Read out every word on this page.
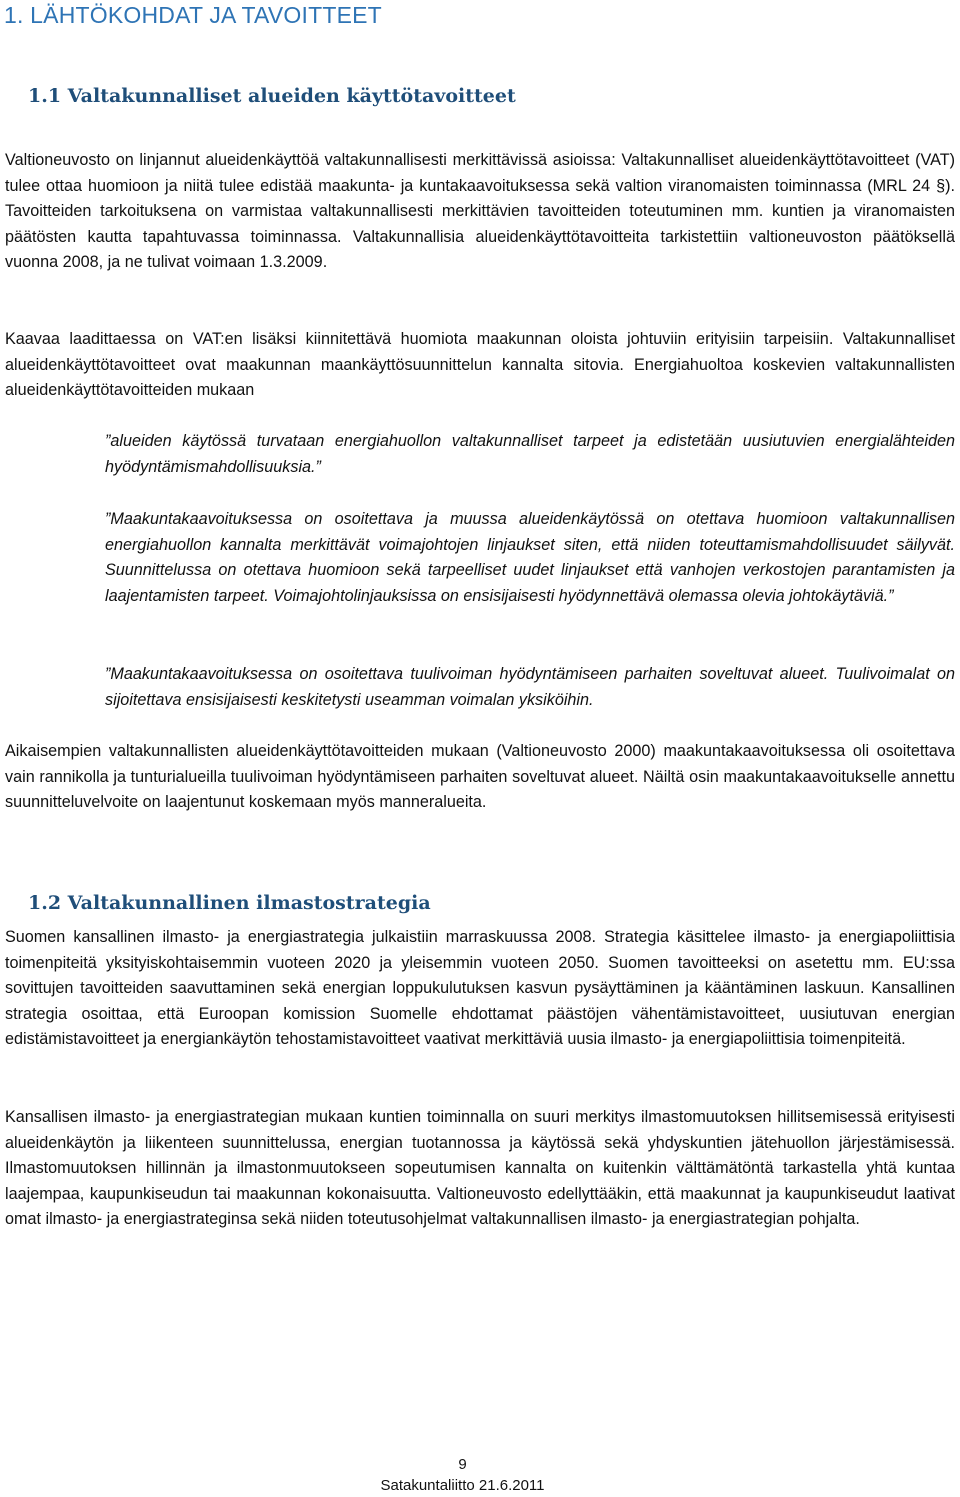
1. LÄHTÖKOHDAT JA TAVOITTEET
1.1 Valtakunnalliset alueiden käyttötavoitteet

Valtioneuvosto on linjannut alueidenkäyttöä valtakunnallisesti merkittävissä asioissa: Valtakunnalliset alueidenkäyttötavoitteet (VAT) tulee ottaa huomioon ja niitä tulee edistää maakunta- ja kuntakaavoituksessa sekä valtion viranomaisten toiminnassa (MRL 24 §). Tavoitteiden tarkoituksena on varmistaa valtakunnallisesti merkittävien tavoitteiden toteutuminen mm. kuntien ja viranomaisten päätösten kautta tapahtuvassa toiminnassa. Valtakunnallisia alueidenkäyttötavoitteita tarkistettiin valtioneuvoston päätöksellä vuonna 2008, ja ne tulivat voimaan 1.3.2009.

Kaavaa laadittaessa on VAT:en lisäksi kiinnitettävä huomiota maakunnan oloista johtuviin erityisiin tarpeisiin. Valtakunnalliset alueidenkäyttötavoitteet ovat maakunnan maankäyttösuunnittelun kannalta sitovia. Energiahuoltoa koskevien valtakunnallisten alueidenkäyttötavoitteiden mukaan

”alueiden käytössä turvataan energiahuollon valtakunnalliset tarpeet ja edistetään uusiutuvien energialähteiden hyödyntämismahdollisuuksia.”

”Maakuntakaavoituksessa on osoitettava ja muussa alueidenkäytössä on otettava huomioon valtakunnallisen energiahuollon kannalta merkittävät voimajohtojen linjaukset siten, että niiden toteuttamismahdollisuudet säilyvät. Suunnittelussa on otettava huomioon sekä tarpeelliset uudet linjaukset että vanhojen verkostojen parantamisten ja laajentamisten tarpeet. Voimajohtolinjauksissa on ensisijaisesti hyödynnettävä olemassa olevia johtokäytäviä.”

”Maakuntakaavoituksessa on osoitettava tuulivoiman hyödyntämiseen parhaiten soveltuvat alueet. Tuulivoimalat on sijoitettava ensisijaisesti keskitetysti useamman voimalan yksiköihin.

Aikaisempien valtakunnallisten alueidenkäyttötavoitteiden mukaan (Valtioneuvosto 2000) maakuntakaavoituksessa oli osoitettava vain rannikolla ja tunturialueilla tuulivoiman hyödyntämiseen parhaiten soveltuvat alueet. Näiltä osin maakuntakaavoitukselle annettu suunnitteluvelvoite on laajentunut koskemaan myös manneralueita.

1.2 Valtakunnallinen ilmastostrategia

Suomen kansallinen ilmasto- ja energiastrategia julkaistiin marraskuussa 2008. Strategia käsittelee ilmasto- ja energiapoliittisia toimenpiteitä yksityiskohtaisemmin vuoteen 2020 ja yleisemmin vuoteen 2050. Suomen tavoitteeksi on asetettu mm. EU:ssa sovittujen tavoitteiden saavuttaminen sekä energian loppukulutuksen kasvun pysäyttäminen ja kääntäminen laskuun. Kansallinen strategia osoittaa, että Euroopan komission Suomelle ehdottamat päästöjen vähentämistavoitteet, uusiutuvan energian edistämistavoitteet ja energiankäytön tehostamistavoitteet vaativat merkittäviä uusia ilmasto- ja energiapoliittisia toimenpiteitä.

Kansallisen ilmasto- ja energiastrategian mukaan kuntien toiminnalla on suuri merkitys ilmastomuutoksen hillitsemisessä erityisesti alueidenkäytön ja liikenteen suunnittelussa, energian tuotannossa ja käytössä sekä yhdyskuntien jätehuollon järjestämisessä. Ilmastomuutoksen hillinnän ja ilmastonmuutokseen sopeutumisen kannalta on kuitenkin välttämätöntä tarkastella yhtä kuntaa laajempaa, kaupunkiseudun tai maakunnan kokonaisuutta. Valtioneuvosto edellyttääkin, että maakunnat ja kaupunkiseudut laativat omat ilmasto- ja energiastrateginsa sekä niiden toteutusohjelmat valtakunnallisen ilmasto- ja energiastrategian pohjalta.

9

Satakuntaliitto 21.6.2011
